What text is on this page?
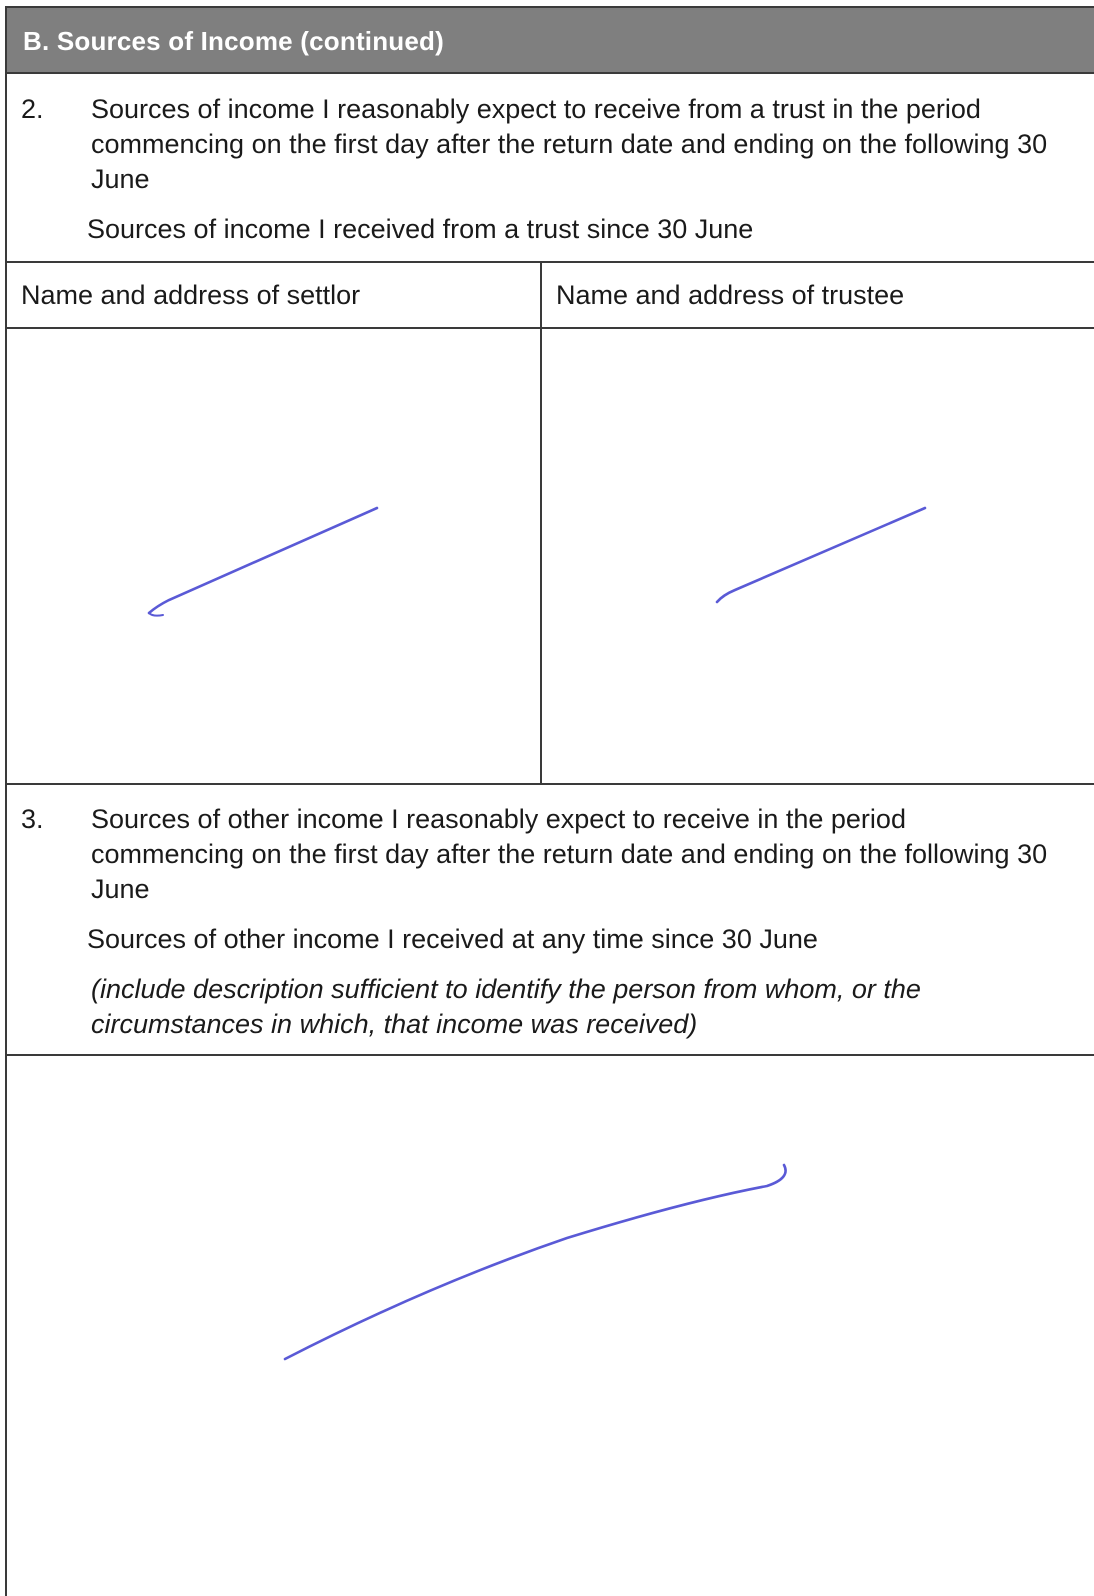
B. Sources of Income (continued)
2. Sources of income I reasonably expect to receive from a trust in the period commencing on the first day after the return date and ending on the following 30 June
Sources of income I received from a trust since 30 June
Name and address of settlor	Name and address of trustee
3. Sources of other income I reasonably expect to receive in the period commencing on the first day after the return date and ending on the following 30 June
Sources of other income I received at any time since 30 June
(include description sufficient to identify the person from whom, or the circumstances in which, that income was received)
